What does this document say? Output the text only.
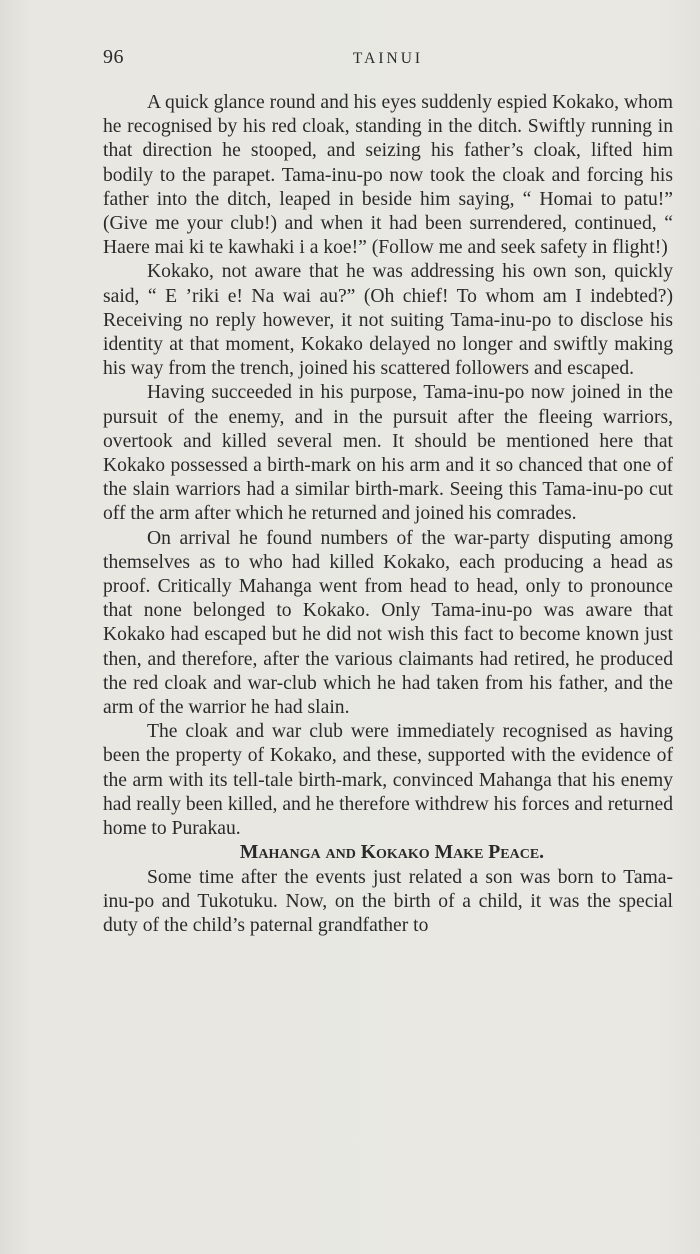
96	TAINUI

A quick glance round and his eyes suddenly espied Kokako, whom he recognised by his red cloak, standing in the ditch. Swiftly running in that direction he stooped, and seizing his father’s cloak, lifted him bodily to the parapet. Tama-inu-po now took the cloak and forcing his father into the ditch, leaped in beside him saying, “ Homai to patu!” (Give me your club!) and when it had been surrendered, continued, “ Haere mai ki te kawhaki i a koe!” (Follow me and seek safety in flight!)

Kokako, not aware that he was addressing his own son, quickly said, “ E ’riki e! Na wai au?” (Oh chief! To whom am I indebted?) Receiving no reply however, it not suiting Tama-inu-po to disclose his identity at that moment, Kokako delayed no longer and swiftly making his way from the trench, joined his scattered followers and escaped.

Having succeeded in his purpose, Tama-inu-po now joined in the pursuit of the enemy, and in the pursuit after the fleeing warriors, overtook and killed several men. It should be mentioned here that Kokako possessed a birth-mark on his arm and it so chanced that one of the slain warriors had a similar birth-mark. Seeing this Tama-inu-po cut off the arm after which he returned and joined his comrades.

On arrival he found numbers of the war-party disputing among themselves as to who had killed Kokako, each producing a head as proof. Critically Mahanga went from head to head, only to pronounce that none belonged to Kokako. Only Tama-inu-po was aware that Kokako had escaped but he did not wish this fact to become known just then, and therefore, after the various claimants had retired, he produced the red cloak and war-club which he had taken from his father, and the arm of the warrior he had slain.

The cloak and war club were immediately recognised as having been the property of Kokako, and these, supported with the evidence of the arm with its tell-tale birth-mark, convinced Mahanga that his enemy had really been killed, and he therefore withdrew his forces and returned home to Purakau.

Mahanga and Kokako Make Peace.

Some time after the events just related a son was born to Tama-inu-po and Tukotuku. Now, on the birth of a child, it was the special duty of the child’s paternal grandfather to
